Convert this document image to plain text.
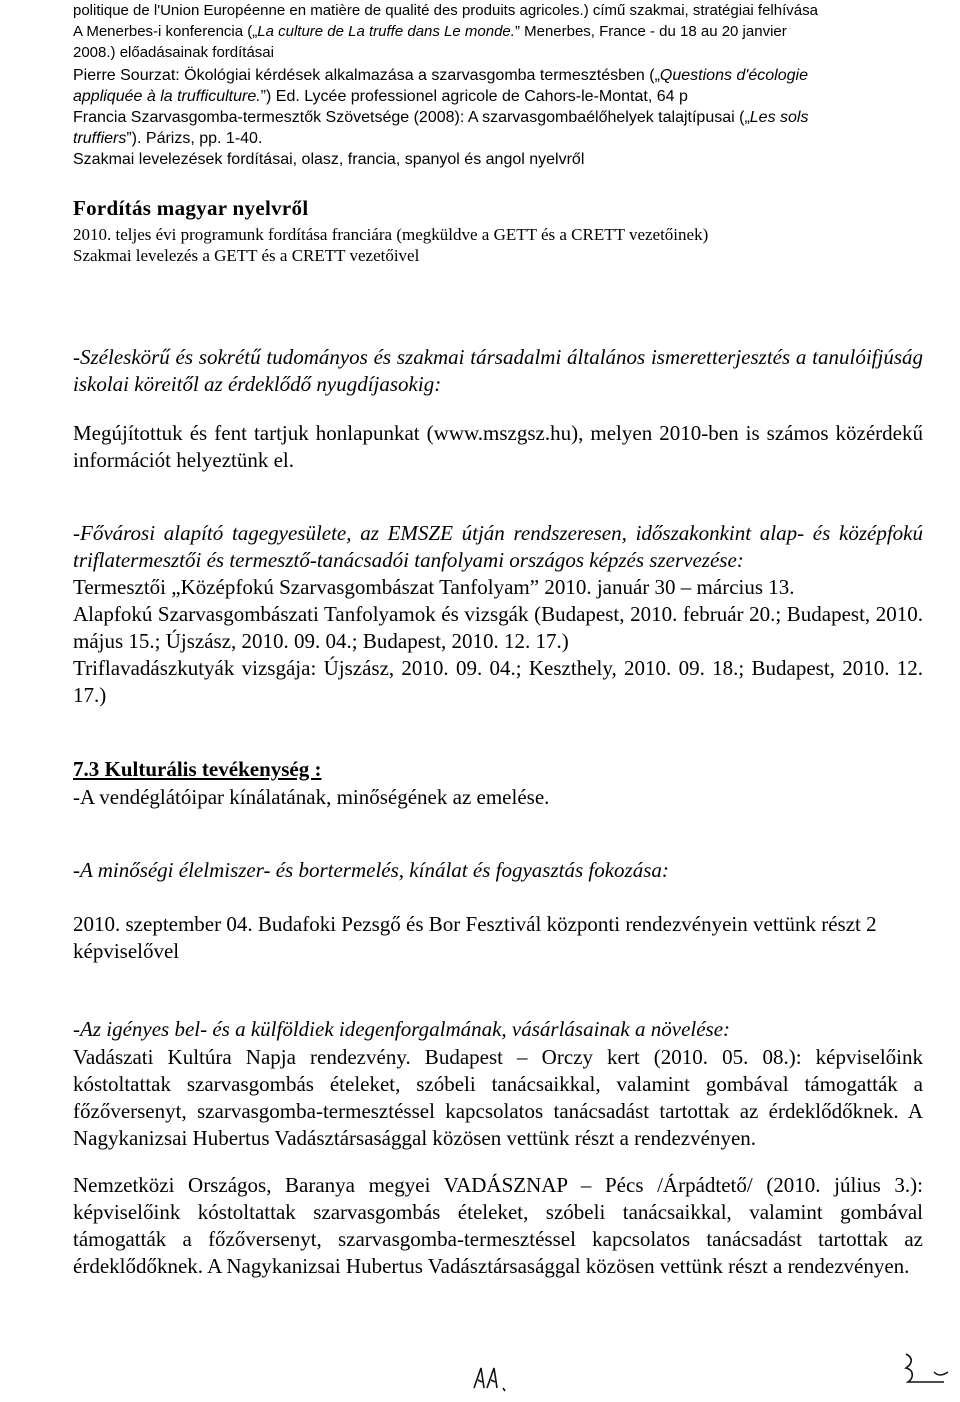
politique de l'Union Européenne en matière de qualité des produits agricoles.) című szakmai, stratégiai felhívása
A Menerbes-i konferencia („La culture de La truffe dans Le monde.” Menerbes, France - du 18 au 20 janvier
2008.) előadásainak fordításai
Pierre Sourzat: Ökológiai kérdések alkalmazása a szarvasgomba termesztésben („Questions d'écologie
appliquée à la trufficulture.”) Ed. Lycée professionel agricole de Cahors-le-Montat, 64 p
Francia Szarvasgomba-termesztők Szövetsége (2008): A szarvasgombaélőhelyek talajtípusai („Les sols
truffiers”). Párizs, pp. 1-40.
Szakmai levelezések fordításai, olasz, francia, spanyol és angol nyelvről
Fordítás magyar nyelvről
2010. teljes évi programunk fordítása franciára (megküldve a GETT és a CRETT vezetőinek)
Szakmai levelezés a GETT és a CRETT vezetőivel
-Széleskörű és sokrétű tudományos és szakmai társadalmi általános ismeretterjesztés a tanulóifjúság iskolai köreitől az érdeklődő nyugdíjasokig:
Megújítottuk és fent tartjuk honlapunkat (www.mszgsz.hu), melyen 2010-ben is számos közérdekű információt helyeztünk el.
-Fővárosi alapító tagegyesülete, az EMSZE útján rendszeresen, időszakonkint alap- és középfokú triflatermesztői és termesztő-tanácsadói tanfolyami országos képzés szervezése:
Termesztői „Középfokú Szarvasgombászat Tanfolyam” 2010. január 30 – március 13.
Alapfokú Szarvasgombászati Tanfolyamok és vizsgák (Budapest, 2010. február 20.; Budapest, 2010. május 15.; Újszász, 2010. 09. 04.; Budapest, 2010. 12. 17.)
Triflavadászkutyák vizsgája: Újszász, 2010. 09. 04.; Keszthely, 2010. 09. 18.; Budapest, 2010. 12. 17.)
7.3 Kulturális tevékenység :
-A vendéglátóipar kínálatának, minőségének az emelése.
-A minőségi élelmiszer- és bortermelés, kínálat és fogyasztás fokozása:
2010. szeptember 04. Budafoki Pezsgő és Bor Fesztivál központi rendezvényein vettünk részt 2 képviselővel
-Az igényes bel- és a külföldiek idegenforgalmának, vásárlásainak a növelése:
Vadászati Kultúra Napja rendezvény. Budapest – Orczy kert (2010. 05. 08.): képviselőink kóstoltattak szarvasgombás ételeket, szóbeli tanácsaikkal, valamint gombával támogatták a főzőversenyt, szarvasgomba-termesztéssel kapcsolatos tanácsadást tartottak az érdeklődőknek. A Nagykanizsai Hubertus Vadásztársasággal közösen vettünk részt a rendezvényen.
Nemzetközi Országos, Baranya megyei VADÁSZNAP – Pécs /Árpádtető/ (2010. július 3.): képviselőink kóstoltattak szarvasgombás ételeket, szóbeli tanácsaikkal, valamint gombával támogatták a főzőversenyt, szarvasgomba-termesztéssel kapcsolatos tanácsadást tartottak az érdeklődőknek. A Nagykanizsai Hubertus Vadásztársasággal közösen vettünk részt a rendezvényen.
